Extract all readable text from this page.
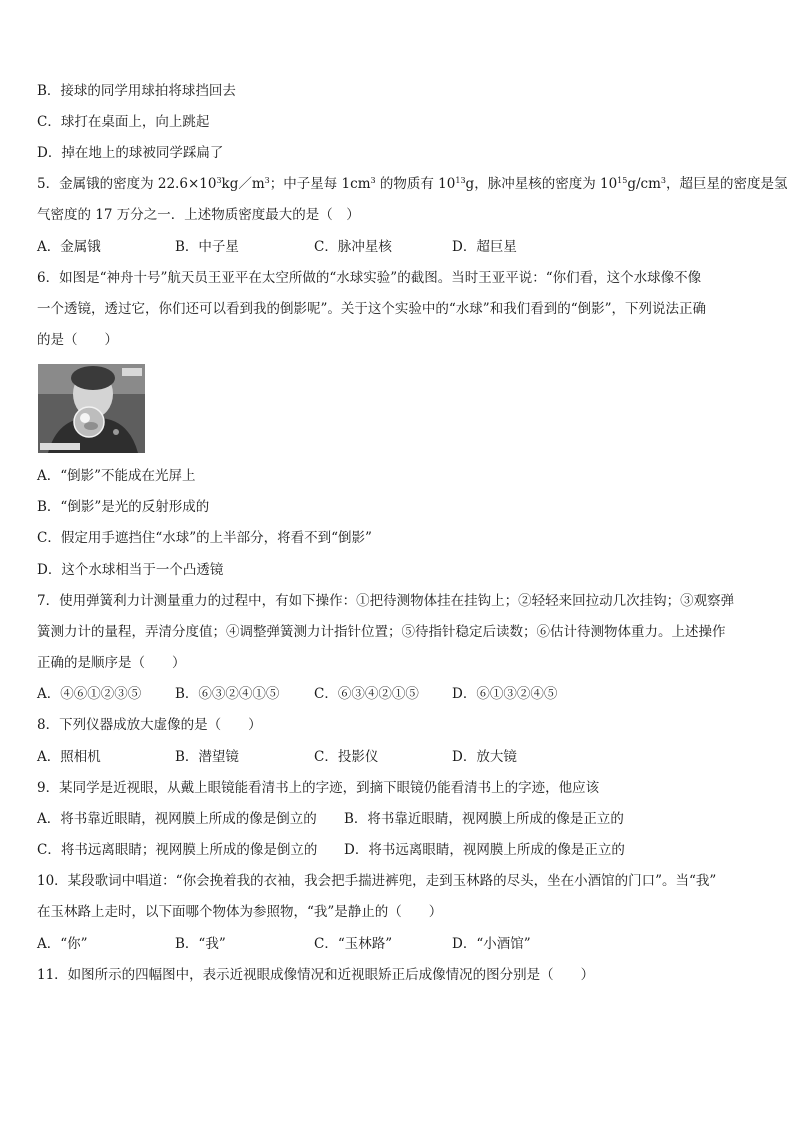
B．接球的同学用球拍将球挡回去
C．球打在桌面上，向上跳起
D．掉在地上的球被同学踩扁了
5．金属锇的密度为 $22.6\times 10^3kg/m^3$；中子星每 $1cm^3$ 的物质有 $10^{13}g$，脉冲星核的密度为 $10^{15}g/cm^3$，超巨星的密度是氢
气密度的 17 万分之一．上述物质密度最大的是（　）
A．金属锇	B．中子星	C．脉冲星核	D．超巨星
6．如图是“神舟十号”航天员王亚平在太空所做的“水球实验”的截图。当时王亚平说：“你们看，这个水球像不像
一个透镜，透过它，你们还可以看到我的倒影呢”。关于这个实验中的“水球”和我们看到的“倒影”，下列说法正确
的是（　　）
A．“倒影”不能成在光屏上
B．“倒影”是光的反射形成的
C．假定用手遮挡住“水球”的上半部分，将看不到“倒影”
D．这个水球相当于一个凸透镜
7．使用弹簧利力计测量重力的过程中，有如下操作：①把待测物体挂在挂钩上；②轻轻来回拉动几次挂钩；③观察弹
簧测力计的量程，弄清分度值；④调整弹簧测力计指针位置；⑤待指针稳定后读数；⑥估计待测物体重力。上述操作
正确的是顺序是（　　）
A．④⑥①②③⑤	B．⑥③②④①⑤	C．⑥③④②①⑤ D．⑥①③②④⑤
8．下列仪器成放大虚像的是（　　）
A．照相机	B．潜望镜	C．投影仪	D．放大镜
9．某同学是近视眼，从戴上眼镜能看清书上的字迹，到摘下眼镜仍能看清书上的字迹，他应该
A．将书靠近眼睛，视网膜上所成的像是倒立的 B．将书靠近眼睛，视网膜上所成的像是正立的
C．将书远离眼睛；视网膜上所成的像是倒立的 D．将书远离眼睛，视网膜上所成的像是正立的
10．某段歌词中唱道：“你会挽着我的衣袖，我会把手揣进裤兜，走到玉林路的尽头，坐在小酒馆的门口”。当“我”
在玉林路上走时，以下面哪个物体为参照物，“我”是静止的（　　）
A．“你”	B．“我”	C．“玉林路”	D．“小酒馆”
11．如图所示的四幅图中，表示近视眼成像情况和近视眼矫正后成像情况的图分别是（　　）
